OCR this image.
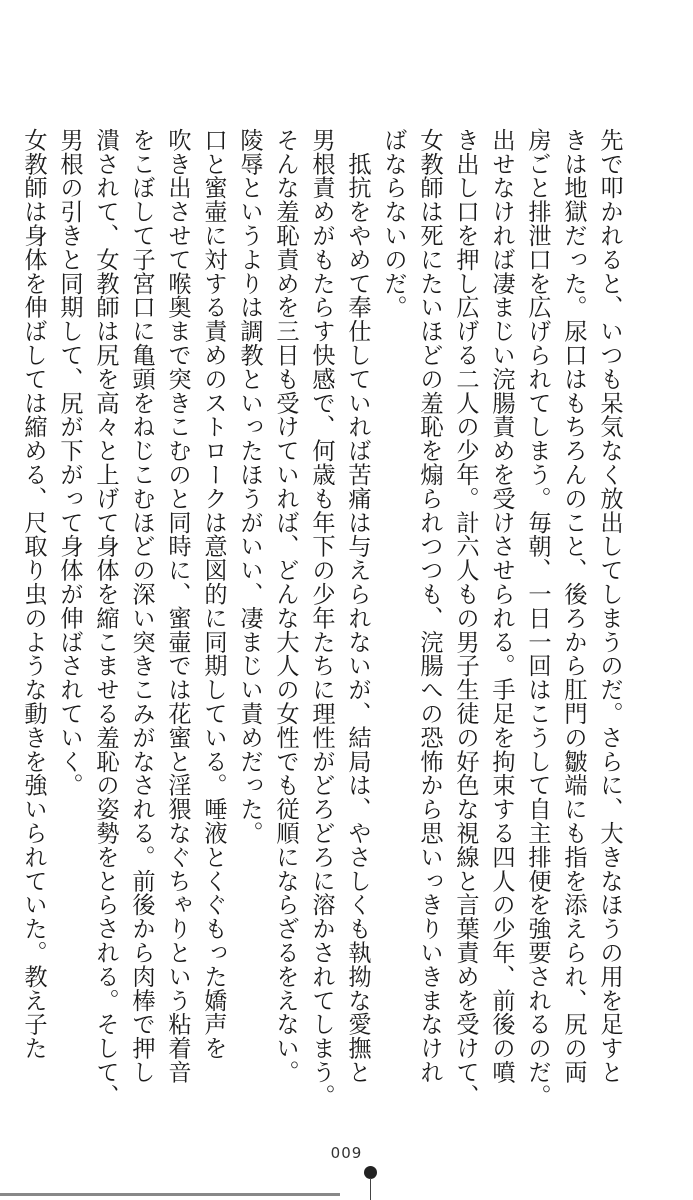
先で叩かれると、いつも呆気なく放出してしまうのだ。さらに、大きなほうの用を足すと
きは地獄だった。尿口はもちろんのこと、後ろから肛門の皺端にも指を添えられ、尻の両
房ごと排泄口を広げられてしまう。毎朝、一日一回はこうして自主排便を強要されるのだ。
出せなければ凄まじい浣腸責めを受けさせられる。手足を拘束する四人の少年、前後の噴
き出し口を押し広げる二人の少年。計六人もの男子生徒の好色な視線と言葉責めを受けて、
女教師は死にたいほどの羞恥を煽られつつも、浣腸への恐怖から思いっきりいきまなけれ
ばならないのだ。
　抵抗をやめて奉仕していれば苦痛は与えられないが、結局は、やさしくも執拗な愛撫と
男根責めがもたらす快感で、何歳も年下の少年たちに理性がどろどろに溶かされてしまう。
そんな羞恥責めを三日も受けていれば、どんな大人の女性でも従順にならざるをえない。
陵辱というよりは調教といったほうがいい、凄まじい責めだった。
口と蜜壷に対する責めのストロークは意図的に同期している。唾液とくぐもった嬌声を
吹き出させて喉奥まで突きこむのと同時に、蜜壷では花蜜と淫猥なぐちゃりという粘着音
をこぼして子宮口に亀頭をねじこむほどの深い突きこみがなされる。前後から肉棒で押し
潰されて、女教師は尻を高々と上げて身体を縮こませる羞恥の姿勢をとらされる。そして、
男根の引きと同期して、尻が下がって身体が伸ばされていく。
女教師は身体を伸ばしては縮める、尺取り虫のような動きを強いられていた。教え子た
009
